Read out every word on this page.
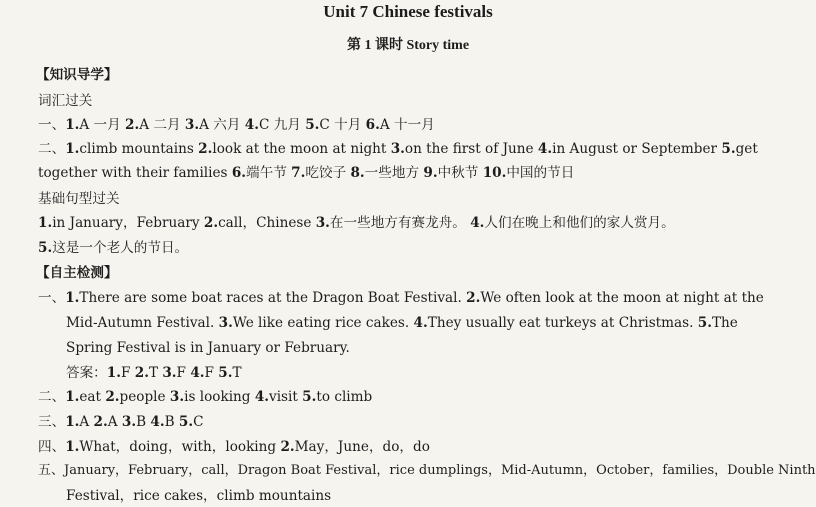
Unit 7 Chinese festivals
第 1 课时 Story time
【知识导学】
词汇过关
一、1.A 一月 2.A 二月 3.A 六月 4.C 九月 5.C 十月 6.A 十一月
二、1.climb mountains 2.look at the moon at night 3.on the first of June 4.in August or September 5.get
together with their families 6.端午节 7.吃饺子 8.一些地方 9.中秋节 10.中国的节日
基础句型过关
1.in January，February 2.call，Chinese 3.在一些地方有赛龙舟。 4.人们在晚上和他们的家人赏月。
5.这是一个老人的节日。
【自主检测】
一、1.There are some boat races at the Dragon Boat Festival. 2.We often look at the moon at night at the
Mid-Autumn Festival. 3.We like eating rice cakes. 4.They usually eat turkeys at Christmas. 5.The
Spring Festival is in January or February.
答案：1.F 2.T 3.F 4.F 5.T
二、1.eat 2.people 3.is looking 4.visit 5.to climb
三、1.A 2.A 3.B 4.B 5.C
四、1.What，doing，with，looking 2.May，June，do，do
五、January，February，call，Dragon Boat Festival，rice dumplings，Mid-Autumn，October，families，Double Ninth
Festival，rice cakes，climb mountains
